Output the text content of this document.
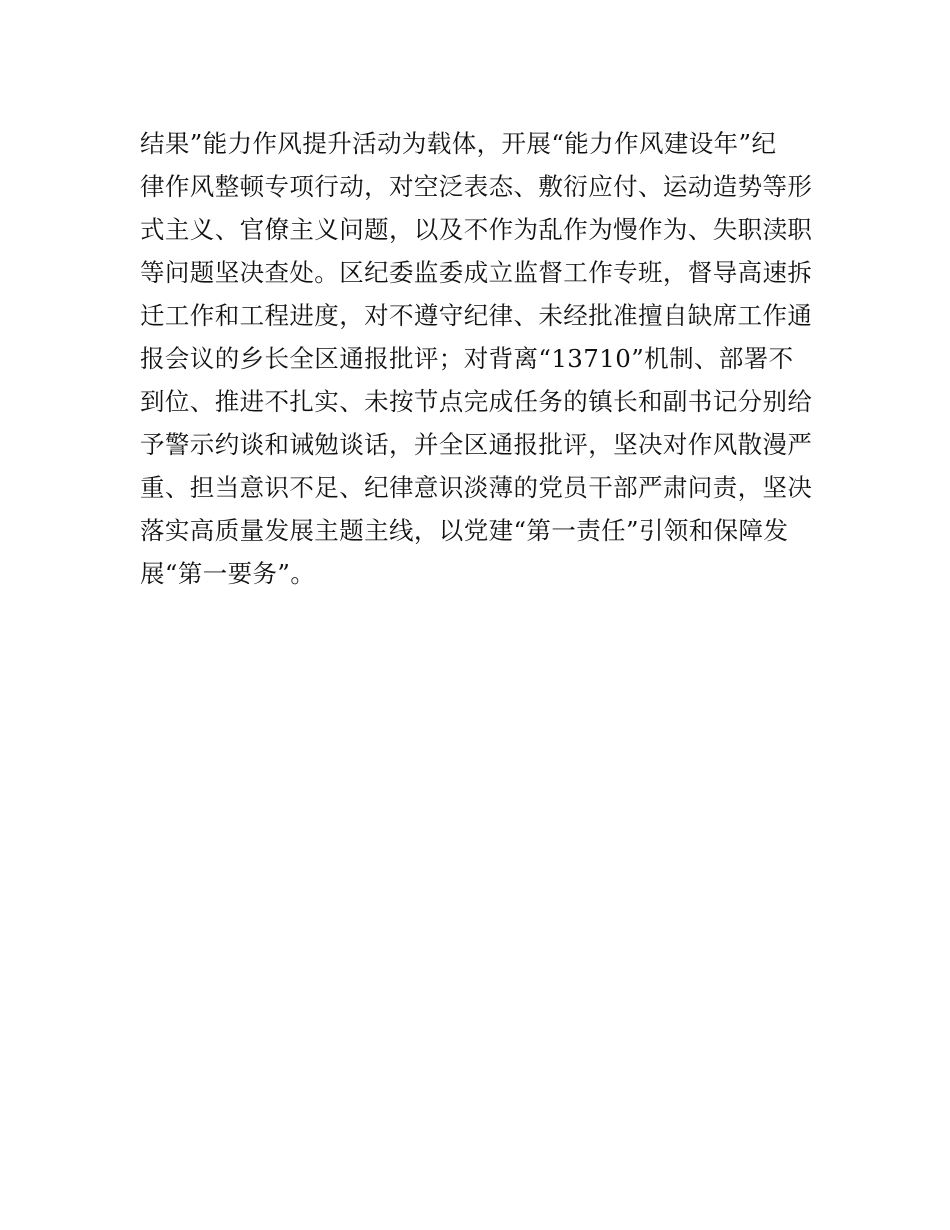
结果”能力作风提升活动为载体，开展“能力作风建设年”纪
律作风整顿专项行动，对空泛表态、敷衍应付、运动造势等形
式主义、官僚主义问题，以及不作为乱作为慢作为、失职渎职
等问题坚决查处。区纪委监委成立监督工作专班，督导高速拆
迁工作和工程进度，对不遵守纪律、未经批准擅自缺席工作通
报会议的乡长全区通报批评；对背离“13710”机制、部署不
到位、推进不扎实、未按节点完成任务的镇长和副书记分别给
予警示约谈和诫勉谈话，并全区通报批评，坚决对作风散漫严
重、担当意识不足、纪律意识淡薄的党员干部严肃问责，坚决
落实高质量发展主题主线，以党建“第一责任”引领和保障发
展“第一要务”。
